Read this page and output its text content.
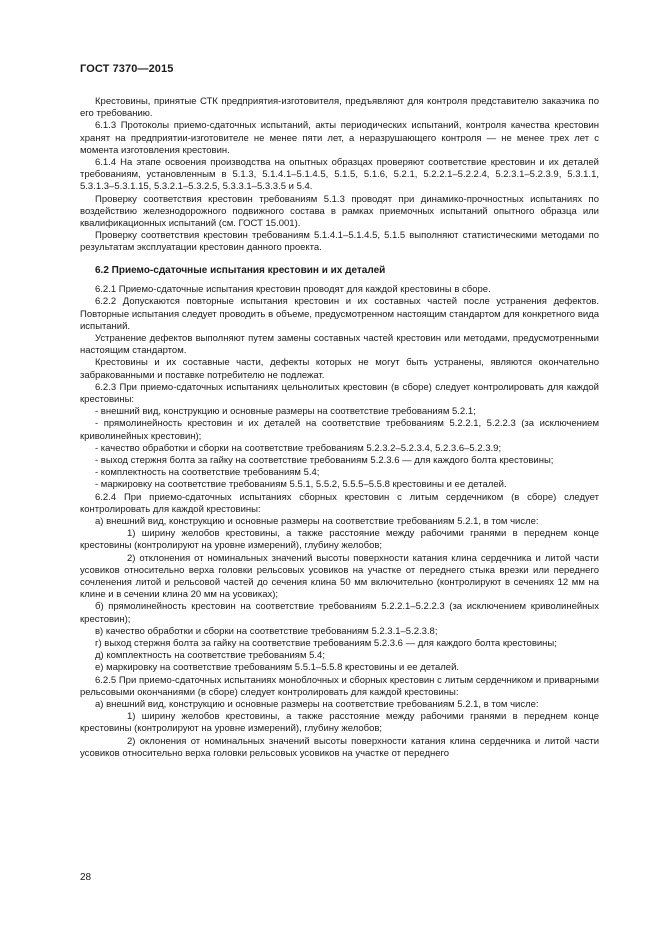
ГОСТ 7370—2015

Крестовины, принятые СТК предприятия-изготовителя, предъявляют для контроля представителю заказчика по его требованию.

6.1.3 Протоколы приемо-сдаточных испытаний, акты периодических испытаний, контроля качества крестовин хранят на предприятии-изготовителе не менее пяти лет, а неразрушающего контроля — не менее трех лет с момента изготовления крестовин.

6.1.4 На этапе освоения производства на опытных образцах проверяют соответствие крестовин и их деталей требованиям, установленным в 5.1.3, 5.1.4.1–5.1.4.5, 5.1.5, 5.1.6, 5.2.1, 5.2.2.1–5.2.2.4, 5.2.3.1–5.2.3.9, 5.3.1.1, 5.3.1.3–5.3.1.15, 5.3.2.1–5.3.2.5, 5.3.3.1–5.3.3.5 и 5.4.

Проверку соответствия крестовин требованиям 5.1.3 проводят при динамико-прочностных испытаниях по воздействию железнодорожного подвижного состава в рамках приемочных испытаний опытного образца или квалификационных испытаний (см. ГОСТ 15.001).

Проверку соответствия крестовин требованиям 5.1.4.1–5.1.4.5, 5.1.5 выполняют статистическими методами по результатам эксплуатации крестовин данного проекта.

6.2 Приемо-сдаточные испытания крестовин и их деталей

6.2.1 Приемо-сдаточные испытания крестовин проводят для каждой крестовины в сборе.

6.2.2 Допускаются повторные испытания крестовин и их составных частей после устранения дефектов. Повторные испытания следует проводить в объеме, предусмотренном настоящим стандартом для конкретного вида испытаний.

Устранение дефектов выполняют путем замены составных частей крестовин или методами, предусмотренными настоящим стандартом.

Крестовины и их составные части, дефекты которых не могут быть устранены, являются окончательно забракованными и поставке потребителю не подлежат.

6.2.3 При приемо-сдаточных испытаниях цельнолитых крестовин (в сборе) следует контролировать для каждой крестовины:

- внешний вид, конструкцию и основные размеры на соответствие требованиям 5.2.1;

- прямолинейность крестовин и их деталей на соответствие требованиям 5.2.2.1, 5.2.2.3 (за исключением криволинейных крестовин);

- качество обработки и сборки на соответствие требованиям 5.2.3.2–5.2.3.4, 5.2.3.6–5.2.3.9;

- выход стержня болта за гайку на соответствие требованиям 5.2.3.6 — для каждого болта крестовины;

- комплектность на соответствие требованиям 5.4;

- маркировку на соответствие требованиям 5.5.1, 5.5.2, 5.5.5–5.5.8 крестовины и ее деталей.

6.2.4 При приемо-сдаточных испытаниях сборных крестовин с литым сердечником (в сборе) следует контролировать для каждой крестовины:

а) внешний вид, конструкцию и основные размеры на соответствие требованиям 5.2.1, в том числе:

1) ширину желобов крестовины, а также расстояние между рабочими гранями в переднем конце крестовины (контролируют на уровне измерений), глубину желобов;

2) отклонения от номинальных значений высоты поверхности катания клина сердечника и литой части усовиков относительно верха головки рельсовых усовиков на участке от переднего стыка врезки или переднего сочленения литой и рельсовой частей до сечения клина 50 мм включительно (контролируют в сечениях 12 мм на клине и в сечении клина 20 мм на усовиках);

б) прямолинейность крестовин на соответствие требованиям 5.2.2.1–5.2.2.3 (за исключением криволинейных крестовин);

в) качество обработки и сборки на соответствие требованиям 5.2.3.1–5.2.3.8;

г) выход стержня болта за гайку на соответствие требованиям 5.2.3.6 — для каждого болта крестовины;

д) комплектность на соответствие требованиям 5.4;

е) маркировку на соответствие требованиям 5.5.1–5.5.8 крестовины и ее деталей.

6.2.5 При приемо-сдаточных испытаниях моноблочных и сборных крестовин с литым сердечником и приварными рельсовыми окончаниями (в сборе) следует контролировать для каждой крестовины:

а) внешний вид, конструкцию и основные размеры на соответствие требованиям 5.2.1, в том числе:

1) ширину желобов крестовины, а также расстояние между рабочими гранями в переднем конце крестовины (контролируют на уровне измерений), глубину желобов;

2) оклонения от номинальных значений высоты поверхности катания клина сердечника и литой части усовиков относительно верха головки рельсовых усовиков на участке от переднего

28
